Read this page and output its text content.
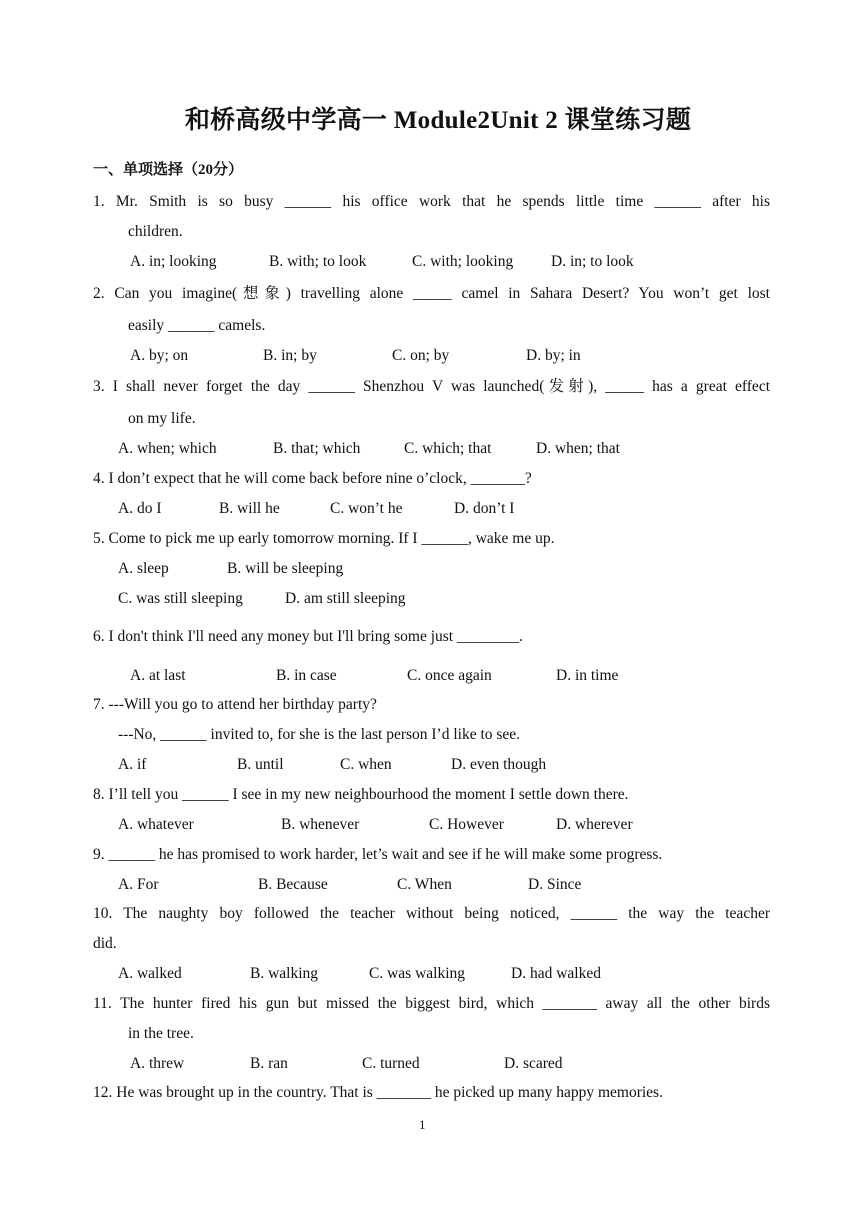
和桥高级中学高一 Module2Unit 2 课堂练习题
一、单项选择（20分）
1. Mr. Smith is so busy ______ his office work that he spends little time ______ after his
children.
A. in; looking	B. with; to look	C. with; looking D. in; to look
2. Can you imagine(想象) travelling alone _____ camel in Sahara Desert? You won’t get lost
easily ______ camels.
A. by; on	B. in; by	C. on; by	D. by; in
3. I shall never forget the day ______ Shenzhou V was launched(发射), _____ has a great effect
on my life.
A. when; which	B. that; which	C. which; that	D. when; that
4. I don’t expect that he will come back before nine o’clock, _______?
A. do I	B. will he	C. won’t he	D. don’t I
5. Come to pick me up early tomorrow morning. If I ______, wake me up.
A. sleep	B. will be sleeping
C. was still sleeping	D. am still sleeping
6. I don't think I'll need any money but I'll bring some just ________.
A. at last	B. in case	C. once again	D. in time
7. ---Will you go to attend her birthday party?
---No, ______ invited to, for she is the last person I’d like to see.
A. if	B. until	C. when	D. even though
8. I’ll tell you ______ I see in my new neighbourhood the moment I settle down there.
A. whatever	B. whenever	C. However	D. wherever
9. ______ he has promised to work harder, let’s wait and see if he will make some progress.
A. For	B. Because	C. When	D. Since
10. The naughty boy followed the teacher without being noticed, ______ the way the teacher
did.
A. walked	B. walking	C. was walking	D. had walked
11. The hunter fired his gun but missed the biggest bird, which _______ away all the other birds
in the tree.
A. threw	B. ran	C. turned	D. scared
12. He was brought up in the country. That is _______ he picked up many happy memories.
1
